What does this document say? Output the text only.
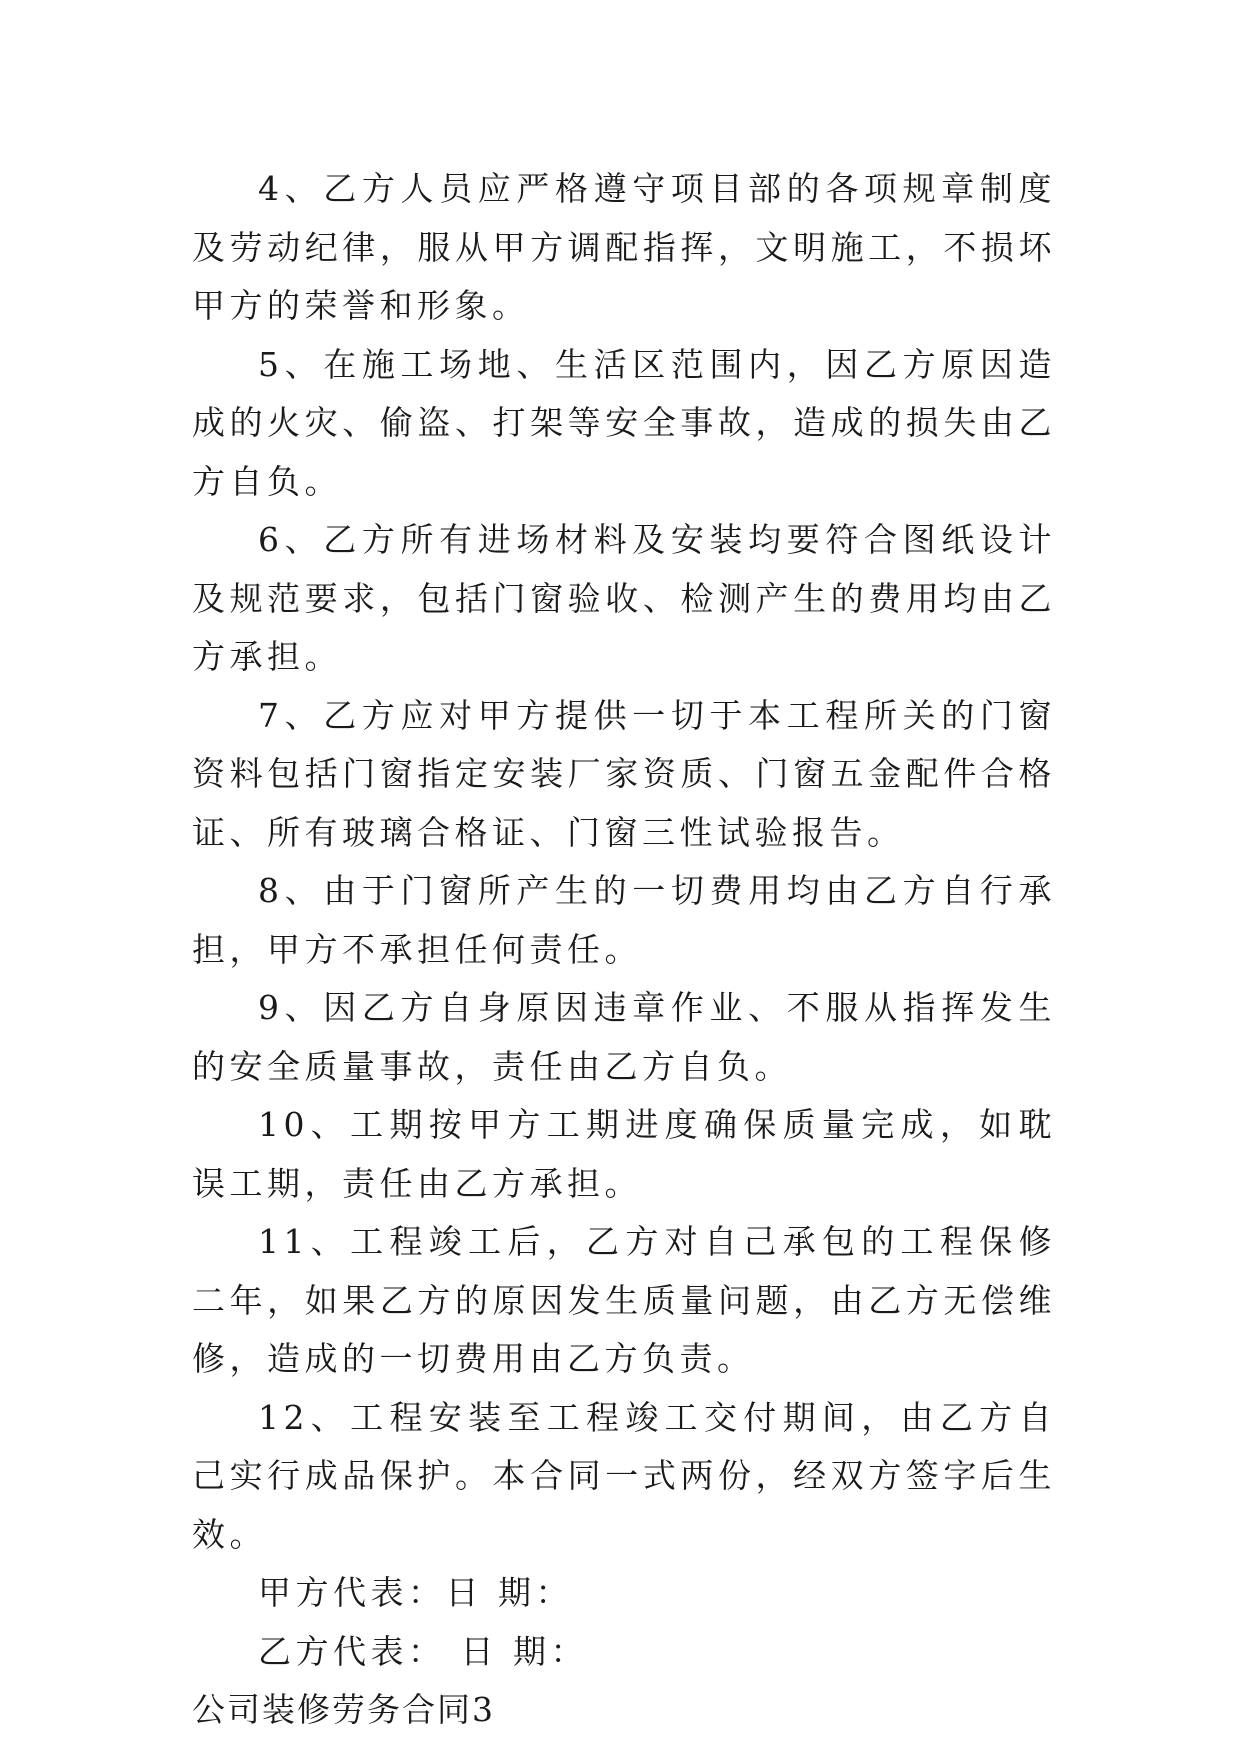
4、乙方人员应严格遵守项目部的各项规章制度及劳动纪律，服从甲方调配指挥，文明施工，不损坏甲方的荣誉和形象。

5、在施工场地、生活区范围内，因乙方原因造成的火灾、偷盗、打架等安全事故，造成的损失由乙方自负。

6、乙方所有进场材料及安装均要符合图纸设计及规范要求，包括门窗验收、检测产生的费用均由乙方承担。

7、乙方应对甲方提供一切于本工程所关的门窗资料包括门窗指定安装厂家资质、门窗五金配件合格证、所有玻璃合格证、门窗三性试验报告。

8、由于门窗所产生的一切费用均由乙方自行承担，甲方不承担任何责任。

9、因乙方自身原因违章作业、不服从指挥发生的安全质量事故，责任由乙方自负。

10、工期按甲方工期进度确保质量完成，如耽误工期，责任由乙方承担。

11、工程竣工后，乙方对自己承包的工程保修二年，如果乙方的原因发生质量问题，由乙方无偿维修，造成的一切费用由乙方负责。

12、工程安装至工程竣工交付期间，由乙方自己实行成品保护。本合同一式两份，经双方签字后生效。

甲方代表：日 期：

乙方代表： 日 期：

公司装修劳务合同3
